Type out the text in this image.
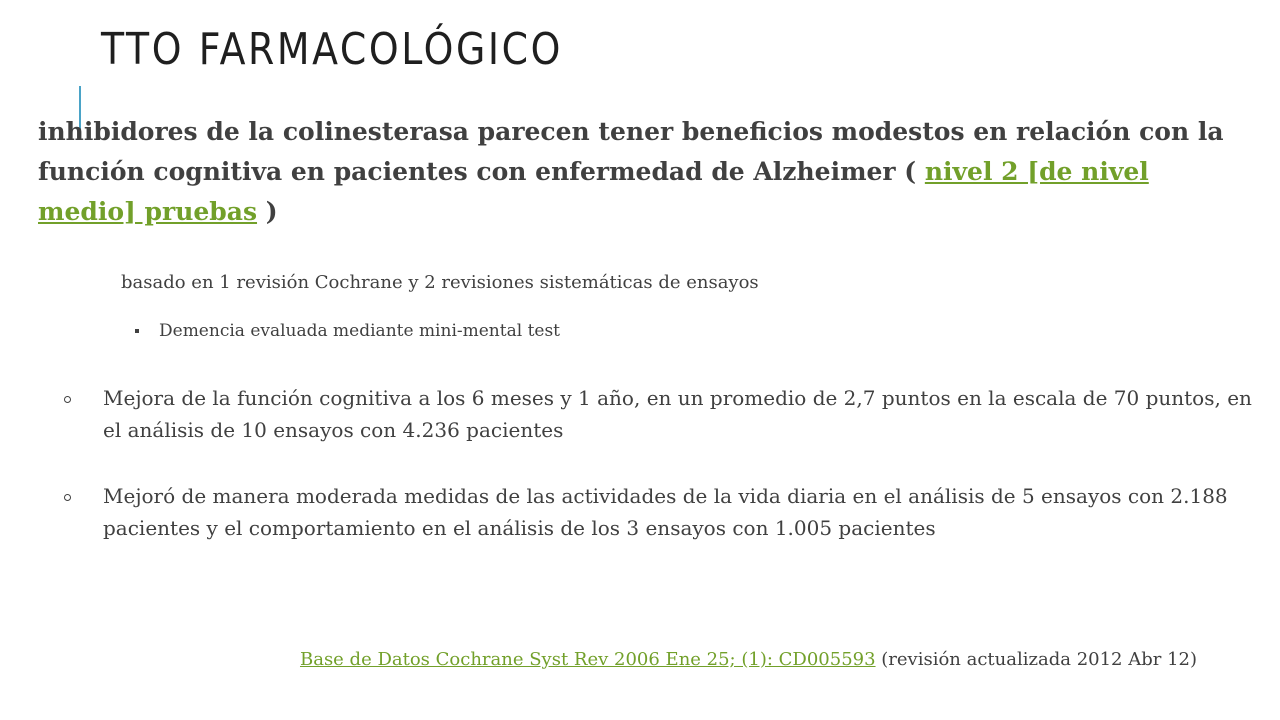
TTO FARMACOLÓGICO

inhibidores de la colinesterasa parecen tener beneficios modestos en relación con la función cognitiva en pacientes con enfermedad de Alzheimer ( nivel 2 [de nivel medio] pruebas )

basado en 1 revisión Cochrane y 2 revisiones sistemáticas de ensayos

Demencia evaluada mediante mini-mental test
Mejora de la función cognitiva a los 6 meses y 1 año, en un promedio de 2,7 puntos en la escala de 70 puntos, en el análisis de 10 ensayos con 4.236 pacientes
Mejoró de manera moderada medidas de las actividades de la vida diaria en el análisis de 5 ensayos con 2.188 pacientes y el comportamiento en el análisis de los 3 ensayos con 1.005 pacientes
Base de Datos Cochrane Syst Rev 2006 Ene 25; (1): CD005593 (revisión actualizada 2012 Abr 12)
